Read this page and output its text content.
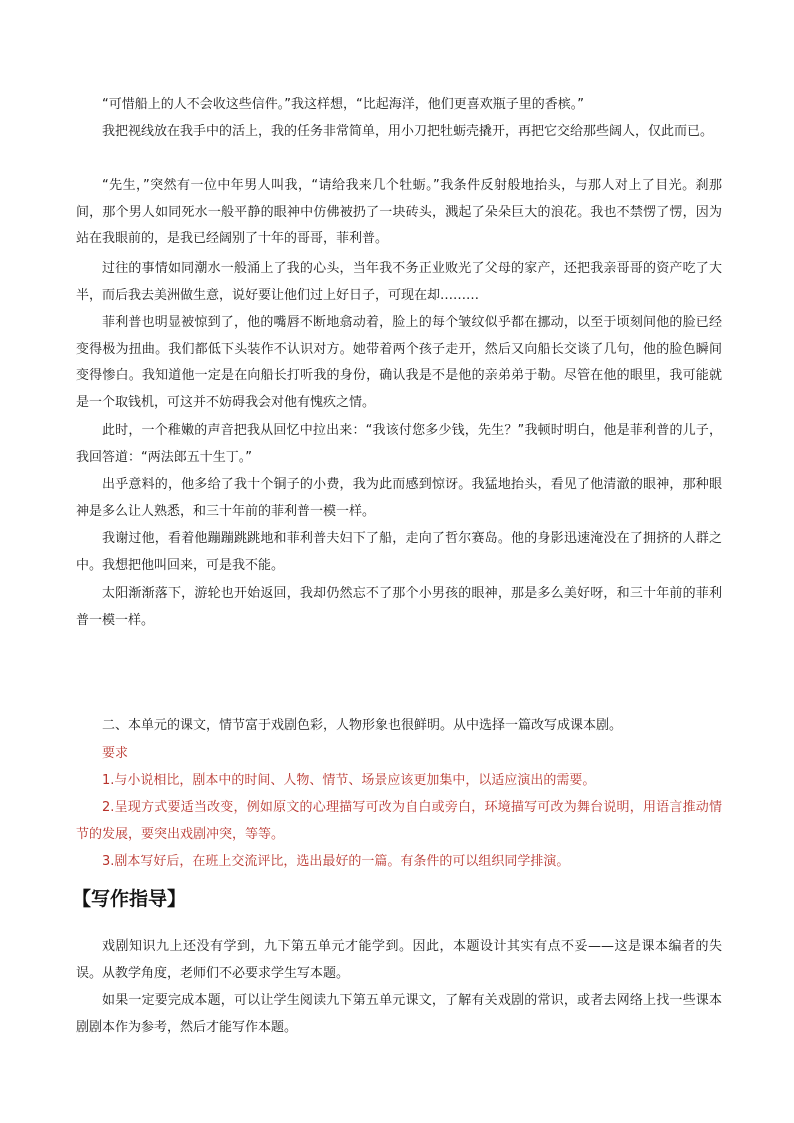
“可惜船上的人不会收这些信件。”我这样想，“比起海洋，他们更喜欢瓶子里的香槟。”

我把视线放在我手中的活上，我的任务非常简单，用小刀把牡蛎壳撬开，再把它交给那些阔人，仅此而已。

“先生，”突然有一位中年男人叫我，“请给我来几个牡蛎。”我条件反射般地抬头，与那人对上了目光。刹那间，那个男人如同死水一般平静的眼神中仿佛被扔了一块砖头，溅起了朵朵巨大的浪花。我也不禁愣了愣，因为站在我眼前的，是我已经阔别了十年的哥哥，菲利普。

过往的事情如同潮水一般涌上了我的心头，当年我不务正业败光了父母的家产，还把我亲哥哥的资产吃了大半，而后我去美洲做生意，说好要让他们过上好日子，可现在却………

菲利普也明显被惊到了，他的嘴唇不断地翕动着，脸上的每个皱纹似乎都在挪动，以至于顷刻间他的脸已经变得极为扭曲。我们都低下头装作不认识对方。她带着两个孩子走开，然后又向船长交谈了几句，他的脸色瞬间变得惨白。我知道他一定是在向船长打听我的身份，确认我是不是他的亲弟弟于勒。尽管在他的眼里，我可能就是一个取钱机，可这并不妨碍我会对他有愧疚之情。

此时，一个稚嫩的声音把我从回忆中拉出来：“我该付您多少钱，先生？”我顿时明白，他是菲利普的儿子，我回答道：“两法郎五十生丁。”

出乎意料的，他多给了我十个铜子的小费，我为此而感到惊讶。我猛地抬头，看见了他清澈的眼神，那种眼神是多么让人熟悉，和三十年前的菲利普一模一样。

我谢过他，看着他蹦蹦跳跳地和菲利普夫妇下了船，走向了哲尔赛岛。他的身影迅速淹没在了拥挤的人群之中。我想把他叫回来，可是我不能。

太阳渐渐落下，游轮也开始返回，我却仍然忘不了那个小男孩的眼神，那是多么美好呀，和三十年前的菲利普一模一样。

二、本单元的课文，情节富于戏剧色彩，人物形象也很鲜明。从中选择一篇改写成课本剧。

要求

1.与小说相比，剧本中的时间、人物、情节、场景应该更加集中，以适应演出的需要。

2.呈现方式要适当改变，例如原文的心理描写可改为自白或旁白，环境描写可改为舞台说明，用语言推动情节的发展，要突出戏剧冲突，等等。

3.剧本写好后，在班上交流评比，选出最好的一篇。有条件的可以组织同学排演。

【写作指导】

戏剧知识九上还没有学到，九下第五单元才能学到。因此，本题设计其实有点不妥——这是课本编者的失误。从教学角度，老师们不必要求学生写本题。

如果一定要完成本题，可以让学生阅读九下第五单元课文，了解有关戏剧的常识，或者去网络上找一些课本剧剧本作为参考，然后才能写作本题。
